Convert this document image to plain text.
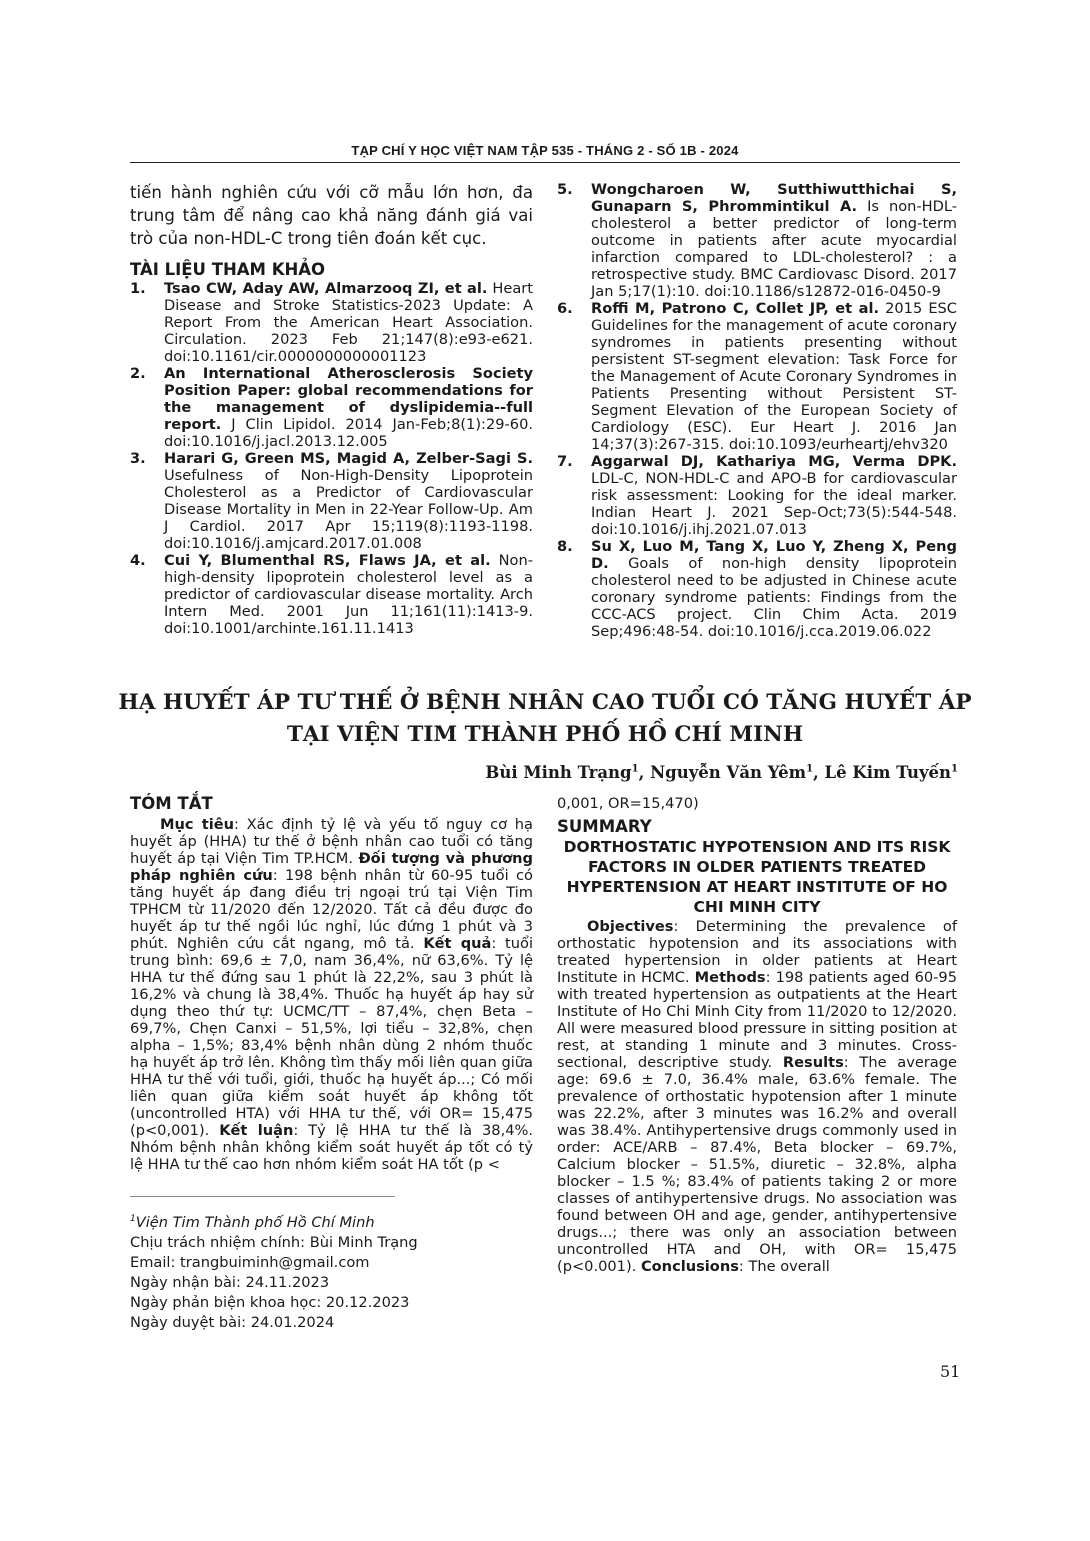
TẠP CHÍ Y HỌC VIỆT NAM TẬP 535 - THÁNG 2 - SỐ 1B - 2024

tiến hành nghiên cứu với cỡ mẫu lớn hơn, đa trung tâm để nâng cao khả năng đánh giá vai trò của non-HDL-C trong tiên đoán kết cục.

TÀI LIỆU THAM KHẢO
1. Tsao CW, Aday AW, Almarzooq ZI, et al. Heart Disease and Stroke Statistics-2023 Update: A Report From the American Heart Association. Circulation. 2023 Feb 21;147(8):e93-e621. doi:10.1161/cir.0000000000001123
2. An International Atherosclerosis Society Position Paper: global recommendations for the management of dyslipidemia--full report. J Clin Lipidol. 2014 Jan-Feb;8(1):29-60. doi:10.1016/j.jacl.2013.12.005
3. Harari G, Green MS, Magid A, Zelber-Sagi S. Usefulness of Non-High-Density Lipoprotein Cholesterol as a Predictor of Cardiovascular Disease Mortality in Men in 22-Year Follow-Up. Am J Cardiol. 2017 Apr 15;119(8):1193-1198. doi:10.1016/j.amjcard.2017.01.008
4. Cui Y, Blumenthal RS, Flaws JA, et al. Non-high-density lipoprotein cholesterol level as a predictor of cardiovascular disease mortality. Arch Intern Med. 2001 Jun 11;161(11):1413-9. doi:10.1001/archinte.161.11.1413
5. Wongcharoen W, Sutthiwutthichai S, Gunaparn S, Phrommintikul A. Is non-HDL-cholesterol a better predictor of long-term outcome in patients after acute myocardial infarction compared to LDL-cholesterol? : a retrospective study. BMC Cardiovasc Disord. 2017 Jan 5;17(1):10. doi:10.1186/s12872-016-0450-9
6. Roffi M, Patrono C, Collet JP, et al. 2015 ESC Guidelines for the management of acute coronary syndromes in patients presenting without persistent ST-segment elevation: Task Force for the Management of Acute Coronary Syndromes in Patients Presenting without Persistent ST-Segment Elevation of the European Society of Cardiology (ESC). Eur Heart J. 2016 Jan 14;37(3):267-315. doi:10.1093/eurheartj/ehv320
7. Aggarwal DJ, Kathariya MG, Verma DPK. LDL-C, NON-HDL-C and APO-B for cardiovascular risk assessment: Looking for the ideal marker. Indian Heart J. 2021 Sep-Oct;73(5):544-548. doi:10.1016/j.ihj.2021.07.013
8. Su X, Luo M, Tang X, Luo Y, Zheng X, Peng D. Goals of non-high density lipoprotein cholesterol need to be adjusted in Chinese acute coronary syndrome patients: Findings from the CCC-ACS project. Clin Chim Acta. 2019 Sep;496:48-54. doi:10.1016/j.cca.2019.06.022
HẠ HUYẾT ÁP TƯ THẾ Ở BỆNH NHÂN CAO TUỔI CÓ TĂNG HUYẾT ÁP
TẠI VIỆN TIM THÀNH PHỐ HỒ CHÍ MINH
Bùi Minh Trạng$^1$, Nguyễn Văn Yêm$^1$, Lê Kim Tuyến$^1$
TÓM TẮT

Mục tiêu: Xác định tỷ lệ và yếu tố nguy cơ hạ huyết áp (HHA) tư thế ở bệnh nhân cao tuổi có tăng huyết áp tại Viện Tim TP.HCM. Đối tượng và phương pháp nghiên cứu: 198 bệnh nhân từ 60-95 tuổi có tăng huyết áp đang điều trị ngoại trú tại Viện Tim TPHCM từ 11/2020 đến 12/2020. Tất cả đều được đo huyết áp tư thế ngồi lúc nghỉ, lúc đứng 1 phút và 3 phút. Nghiên cứu cắt ngang, mô tả. Kết quả: tuổi trung bình: 69,6 ± 7,0, nam 36,4%, nữ 63,6%. Tỷ lệ HHA tư thế đứng sau 1 phút là 22,2%, sau 3 phút là 16,2% và chung là 38,4%. Thuốc hạ huyết áp hay sử dụng theo thứ tự: UCMC/TT – 87,4%, chẹn Beta – 69,7%, Chẹn Canxi – 51,5%, lợi tiểu – 32,8%, chẹn alpha – 1,5%; 83,4% bệnh nhân dùng 2 nhóm thuốc hạ huyết áp trở lên. Không tìm thấy mối liên quan giữa HHA tư thế với tuổi, giới, thuốc hạ huyết áp...; Có mối liên quan giữa kiểm soát huyết áp không tốt (uncontrolled HTA) với HHA tư thế, với OR= 15,475 (p<0,001). Kết luận: Tỷ lệ HHA tư thế là 38,4%. Nhóm bệnh nhân không kiểm soát huyết áp tốt có tỷ lệ HHA tư thế cao hơn nhóm kiểm soát HA tốt (p <

$^1$Viện Tim Thành phố Hồ Chí Minh
Chịu trách nhiệm chính: Bùi Minh Trạng
Email: trangbuiminh@gmail.com
Ngày nhận bài: 24.11.2023
Ngày phản biện khoa học: 20.12.2023
Ngày duyệt bài: 24.01.2024

0,001, OR=15,470)

SUMMARY
DORTHOSTATIC HYPOTENSION AND ITS RISK FACTORS IN OLDER PATIENTS TREATED HYPERTENSION AT HEART INSTITUTE OF HO CHI MINH CITY

Objectives: Determining the prevalence of orthostatic hypotension and its associations with treated hypertension in older patients at Heart Institute in HCMC. Methods: 198 patients aged 60-95 with treated hypertension as outpatients at the Heart Institute of Ho Chi Minh City from 11/2020 to 12/2020. All were measured blood pressure in sitting position at rest, at standing 1 minute and 3 minutes. Cross-sectional, descriptive study. Results: The average age: 69.6 ± 7.0, 36.4% male, 63.6% female. The prevalence of orthostatic hypotension after 1 minute was 22.2%, after 3 minutes was 16.2% and overall was 38.4%. Antihypertensive drugs commonly used in order: ACE/ARB – 87.4%, Beta blocker – 69.7%, Calcium blocker – 51.5%, diuretic – 32.8%, alpha blocker – 1.5 %; 83.4% of patients taking 2 or more classes of antihypertensive drugs. No association was found between OH and age, gender, antihypertensive drugs...; there was only an association between uncontrolled HTA and OH, with OR= 15,475 (p<0.001). Conclusions: The overall

51
